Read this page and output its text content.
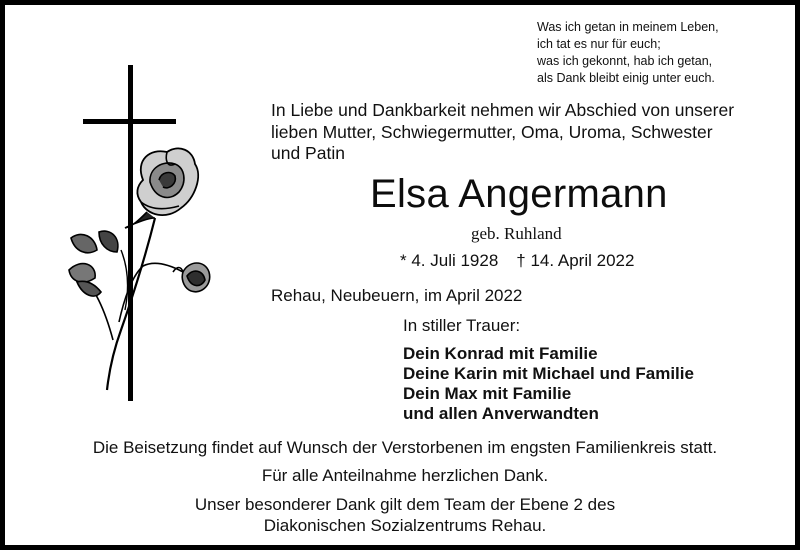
Was ich getan in meinem Leben,
ich tat es nur für euch;
was ich gekonnt, hab ich getan,
als Dank bleibt einig unter euch.
In Liebe und Dankbarkeit nehmen wir Abschied von unserer
lieben Mutter, Schwiegermutter, Oma, Uroma, Schwester
und Patin
Elsa Angermann
geb. Ruhland
* 4. Juli 1928 † 14. April 2022
Rehau, Neubeuern, im April 2022
In stiller Trauer:
Dein Konrad mit Familie
Deine Karin mit Michael und Familie
Dein Max mit Familie
und allen Anverwandten
Die Beisetzung findet auf Wunsch der Verstorbenen im engsten Familienkreis statt.
Für alle Anteilnahme herzlichen Dank.
Unser besonderer Dank gilt dem Team der Ebene 2 des
Diakonischen Sozialzentrums Rehau.
